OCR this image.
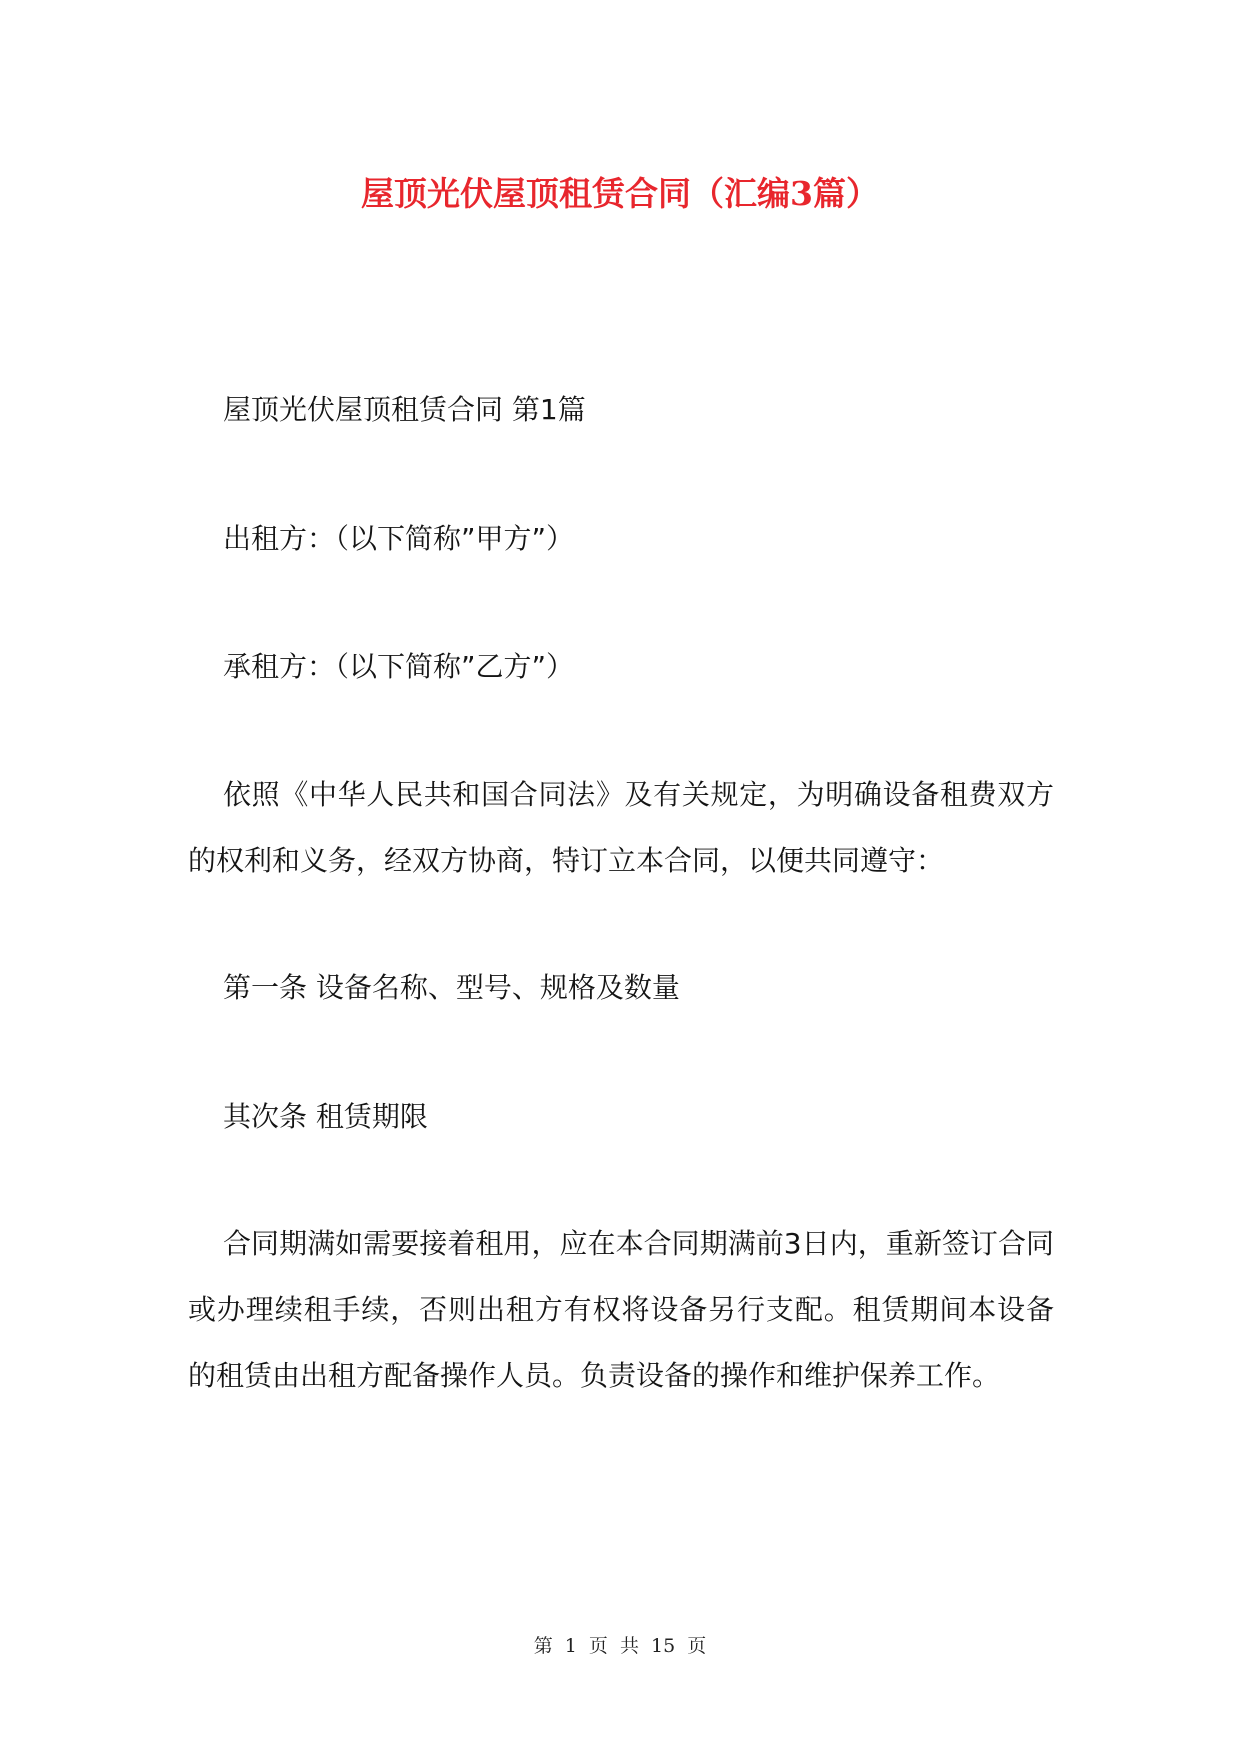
屋顶光伏屋顶租赁合同（汇编3篇）

屋顶光伏屋顶租赁合同 第1篇

出租方：（以下简称”甲方”）

承租方：（以下简称”乙方”）

依照《中华人民共和国合同法》及有关规定，为明确设备租费双方的权利和义务，经双方协商，特订立本合同，以便共同遵守：

第一条 设备名称、型号、规格及数量

其次条 租赁期限

合同期满如需要接着租用，应在本合同期满前3日内，重新签订合同或办理续租手续，否则出租方有权将设备另行支配。租赁期间本设备的租赁由出租方配备操作人员。负责设备的操作和维护保养工作。

第 1 页 共 15 页
